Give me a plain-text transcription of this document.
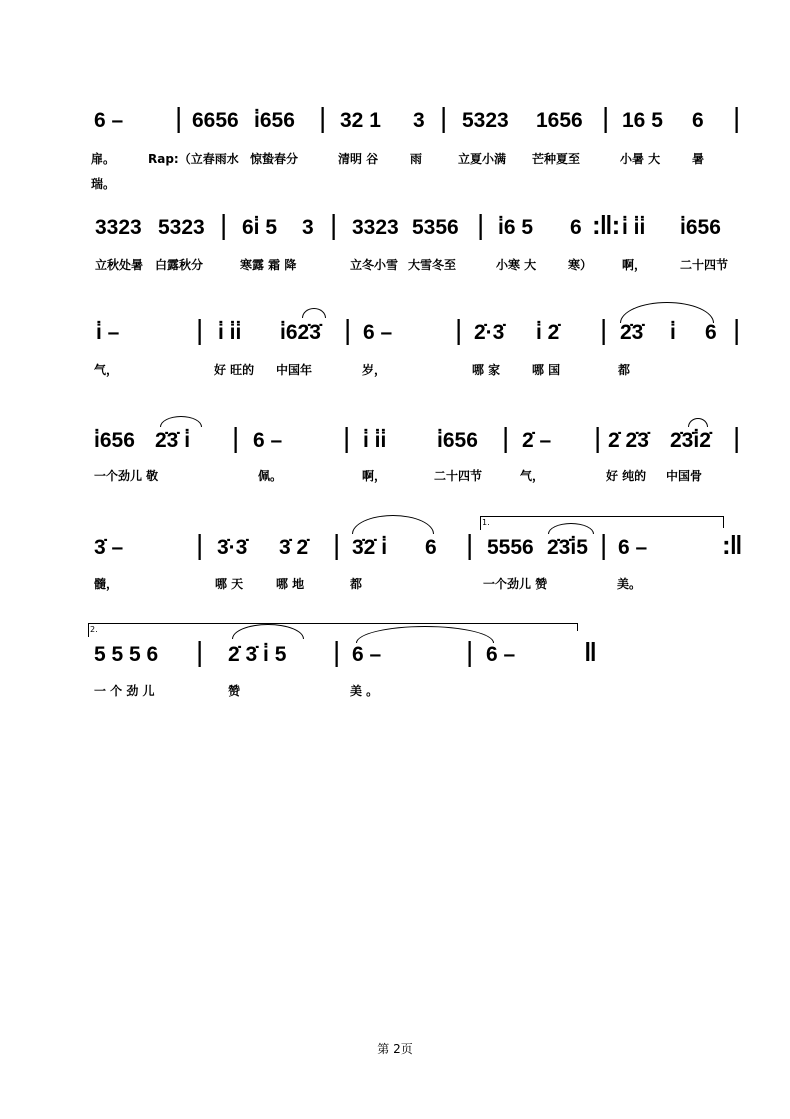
6 – | 6656 i̇656 | 32 1 3 | 5323 1656 | 16 5 6 |
扉。	Rap:（立春雨水 惊蛰春分	清明 谷	雨	立夏小满 芒种夏至	小暑 大	暑
瑞。
3323 5323 | 6i̇ 5 3 | 3323 5356 | i̇6 5 6 :‖: i̇ i̇i̇ i̇656
立秋处暑 白露秋分	寒露 霜 降	立冬小雪 大雪冬至	小寒 大	寒） 啊，	二十四节
i̇ –	| i̇ i̇i̇ i̇62̇3̇ | 6 – | 2̇·3̇ i̇ 2̇ | 2̇3̇ i̇ 6 |
气，	好 旺的 中国年	岁，	哪 家	哪 国	都
i̇656 2̇3̇ i̇ | 6 – | i̇ i̇i̇ i̇656 | 2̇ – | 2̇ 2̇3̇ 2̇3̇i̇2̇ |
一个劲儿 敬	佩。	啊，	二十四节	气，	好 纯的 中国骨
1.
3̇ –	| 3̇·3̇ 3̇ 2̇ | 3̇2̇ i̇ 6 | 5556 2̇3̇i̇5 | 6 –	:‖
髓，	哪 天	哪 地	都	一个劲儿 赞	美。
2.
5 5 5 6 | 2̇ 3̇ i̇ 5 | 6 –	| 6 –	‖
一 个 劲 儿	赞	美 。
第 2页
